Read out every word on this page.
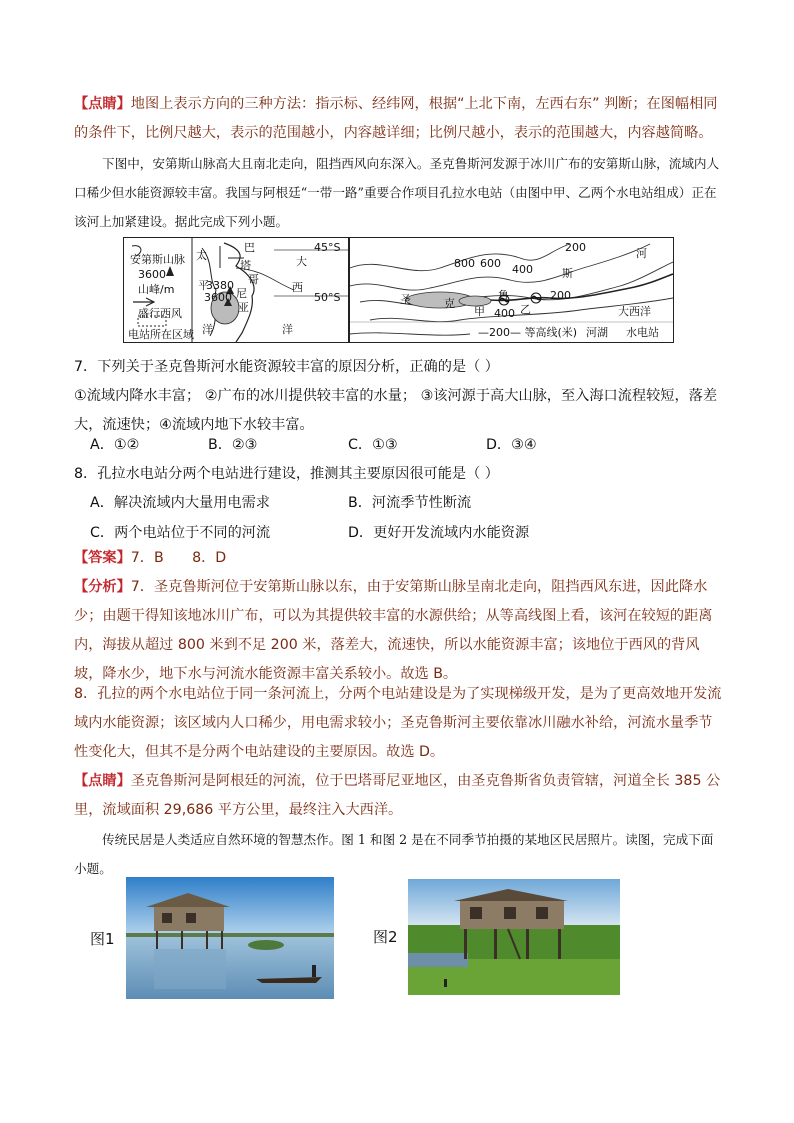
【点睛】地图上表示方向的三种方法：指示标、经纬网，根据“上北下南，左西右东” 判断；在图幅相同的条件下，比例尺越大，表示的范围越小，内容越详细；比例尺越小，表示的范围越大，内容越简略。
下图中，安第斯山脉高大且南北走向，阻挡西风向东深入。圣克鲁斯河发源于冰川广布的安第斯山脉，流域内人口稀少但水能资源较丰富。我国与阿根廷“一带一路”重要合作项目孔拉水电站（由图中甲、乙两个水电站组成）正在该河上加紧建设。据此完成下列小题。
安第斯山脉
3600
山峰/m
盛行西风
电站所在区域
太
平
洋
3380
3600
巴
塔
哥
尼
亚
45°S
大
西
50°S
洋
200	河
800 600 400	斯
200
圣	克
鲁
甲	乙
400	大西洋
—200— 等高线(米) 河湖 水电站
7．下列关于圣克鲁斯河水能资源较丰富的原因分析，正确的是（ ）
①流域内降水丰富； ②广布的冰川提供较丰富的水量； ③该河源于高大山脉，至入海口流程较短，落差大，流速快；④流域内地下水较丰富。
A．①②	B．②③	C．①③	D．③④
8．孔拉水电站分两个电站进行建设，推测其主要原因很可能是（ ）
A．解决流域内大量用电需求	B．河流季节性断流
C．两个电站位于不同的河流	D．更好开发流域内水能资源
【答案】7．B　　8．D
【分析】7．圣克鲁斯河位于安第斯山脉以东，由于安第斯山脉呈南北走向，阻挡西风东进，因此降水少；由题干得知该地冰川广布，可以为其提供较丰富的水源供给；从等高线图上看，该河在较短的距离内，海拔从超过 800 米到不足 200 米，落差大，流速快，所以水能资源丰富；该地位于西风的背风坡，降水少，地下水与河流水能资源丰富关系较小。故选 B。
8．孔拉的两个水电站位于同一条河流上，分两个电站建设是为了实现梯级开发，是为了更高效地开发流域内水能资源；该区域内人口稀少，用电需求较小；圣克鲁斯河主要依靠冰川融水补给，河流水量季节性变化大，但其不是分两个电站建设的主要原因。故选 D。
【点睛】圣克鲁斯河是阿根廷的河流，位于巴塔哥尼亚地区，由圣克鲁斯省负责管辖，河道全长 385 公里，流域面积 29,686 平方公里，最终注入大西洋。
传统民居是人类适应自然环境的智慧杰作。图 1 和图 2 是在不同季节拍摄的某地区民居照片。读图，完成下面小题。
图1	图2
